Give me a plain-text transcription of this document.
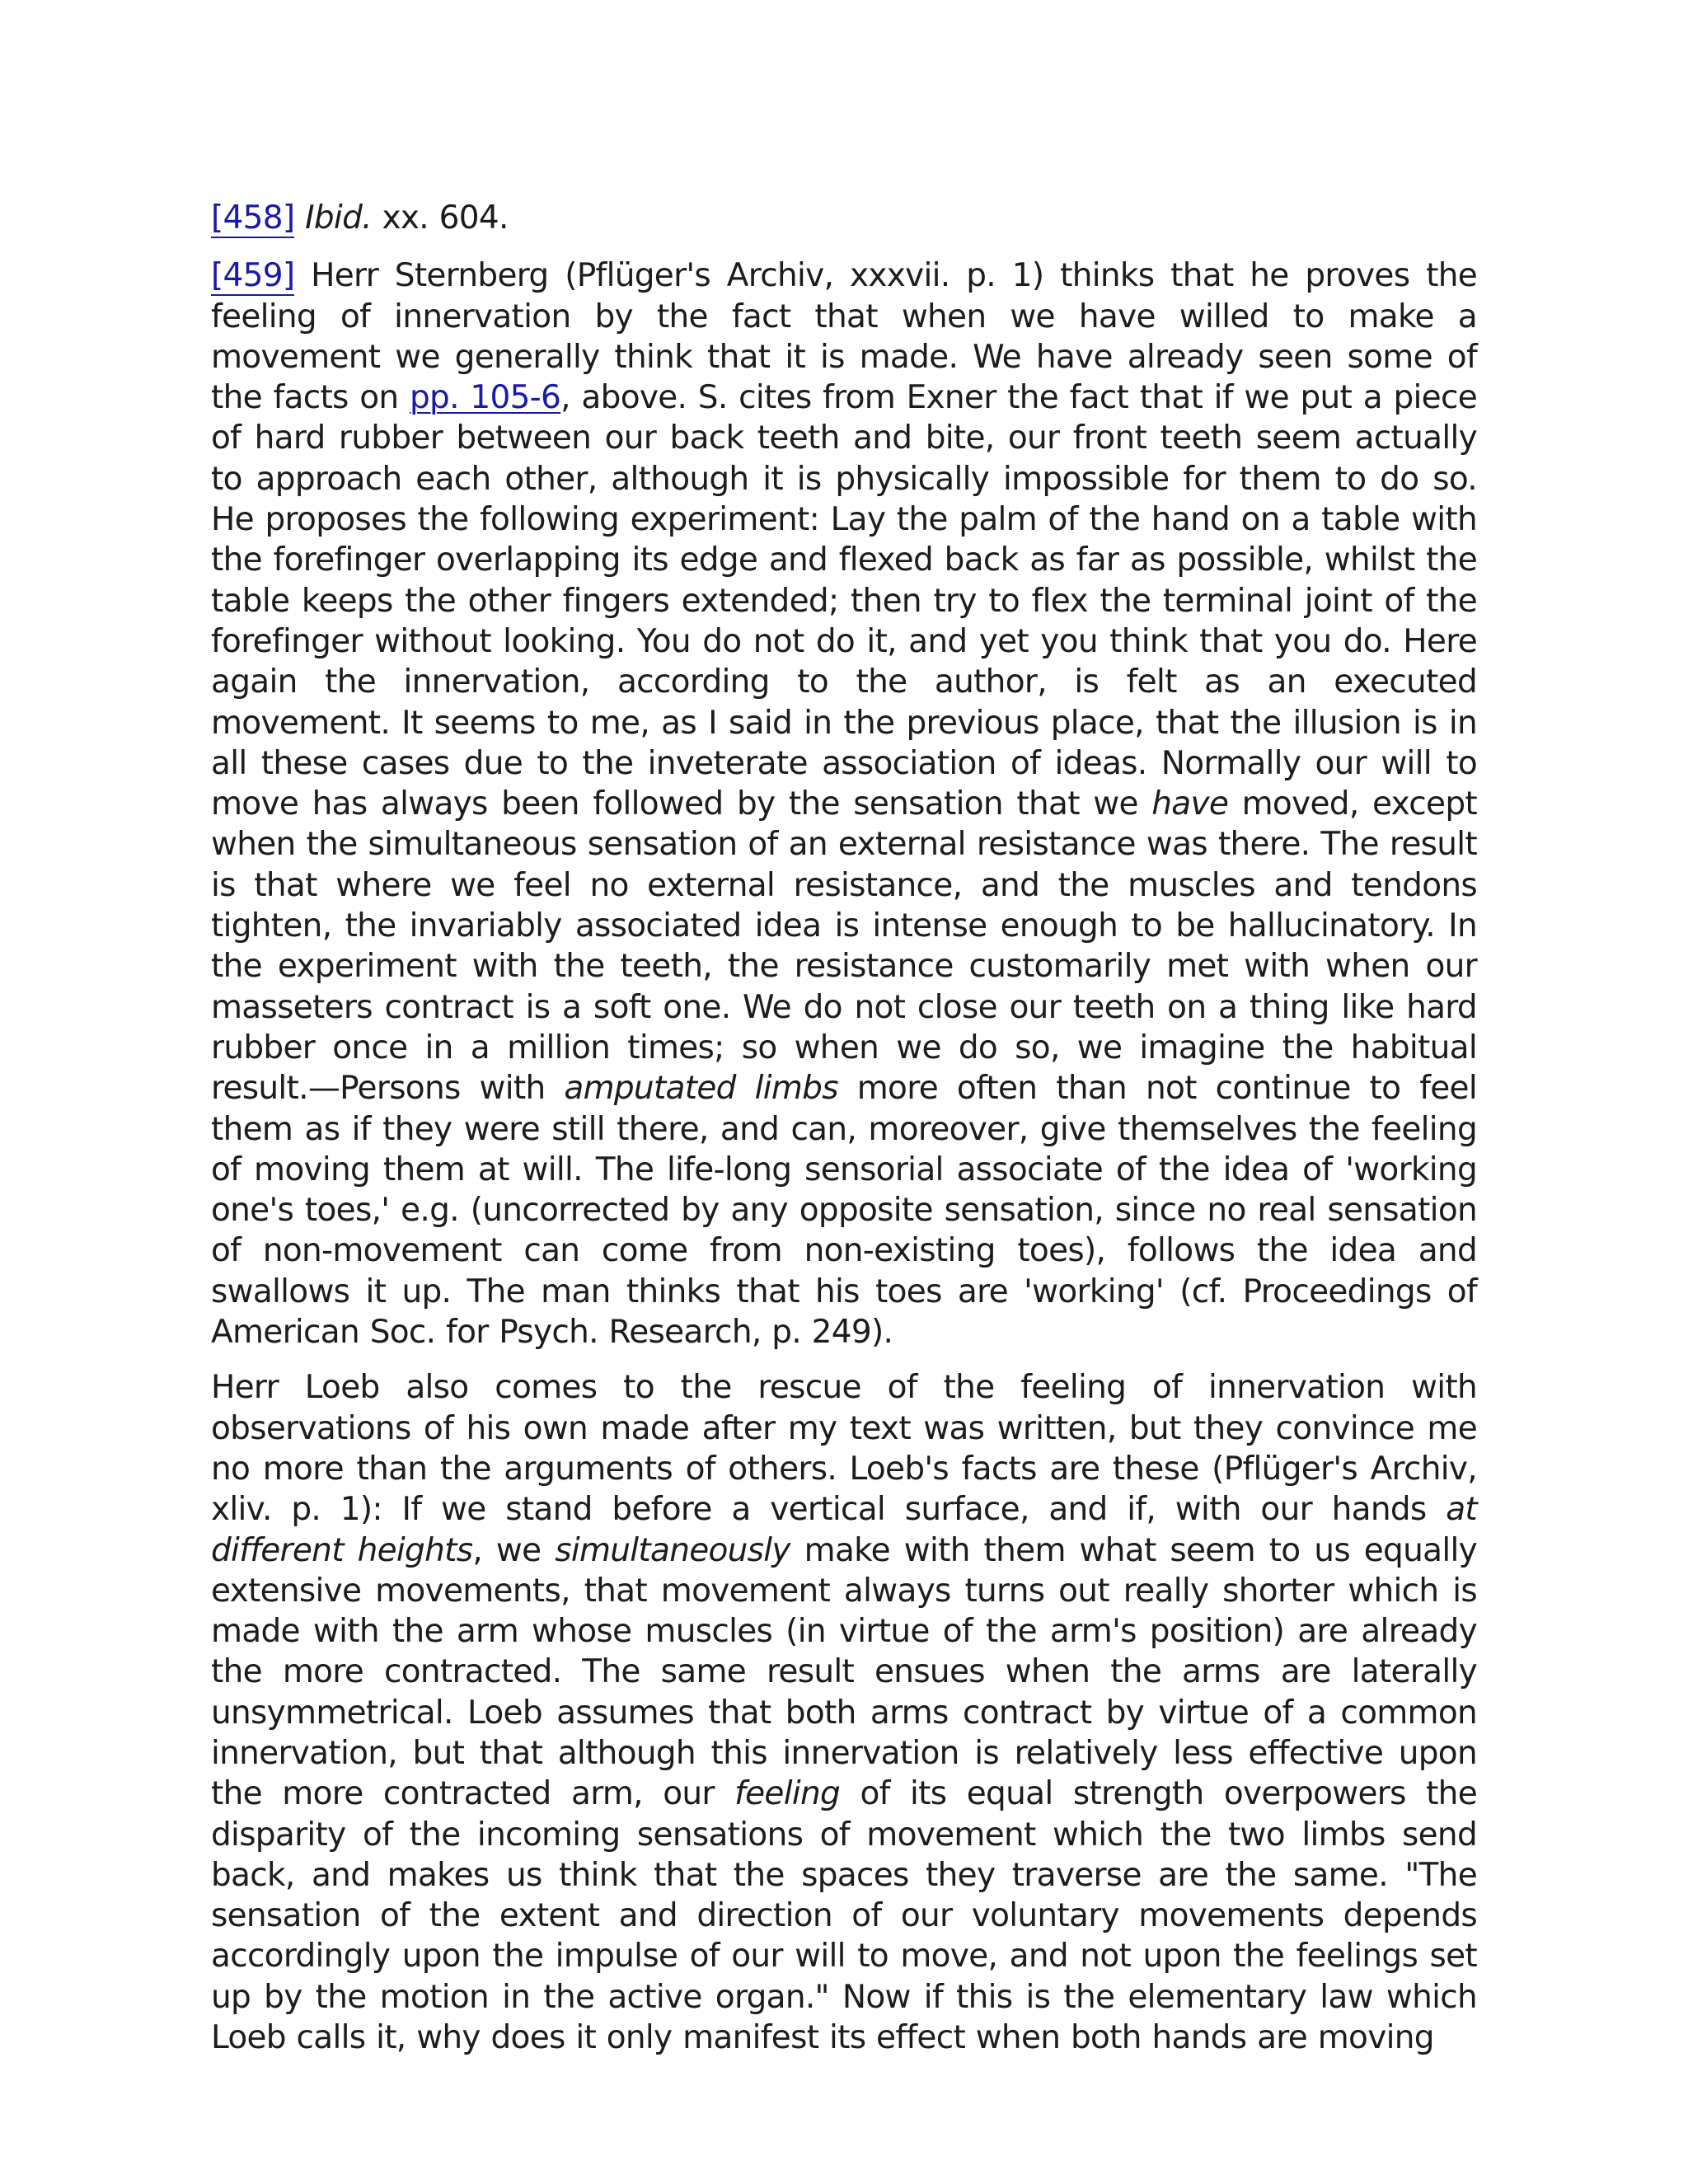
[458] Ibid. xx. 604.

[459] Herr Sternberg (Pflüger's Archiv, xxxvii. p. 1) thinks that he proves the feeling of innervation by the fact that when we have willed to make a movement we generally think that it is made. We have already seen some of the facts on pp. 105-6, above. S. cites from Exner the fact that if we put a piece of hard rubber between our back teeth and bite, our front teeth seem actually to approach each other, although it is physically impossible for them to do so. He proposes the following experiment: Lay the palm of the hand on a table with the forefinger overlapping its edge and flexed back as far as possible, whilst the table keeps the other fingers extended; then try to flex the terminal joint of the forefinger without looking. You do not do it, and yet you think that you do. Here again the innervation, according to the author, is felt as an executed movement. It seems to me, as I said in the previous place, that the illusion is in all these cases due to the inveterate association of ideas. Normally our will to move has always been followed by the sensation that we have moved, except when the simultaneous sensation of an external resistance was there. The result is that where we feel no external resistance, and the muscles and tendons tighten, the invariably associated idea is intense enough to be hallucinatory. In the experiment with the teeth, the resistance customarily met with when our masseters contract is a soft one. We do not close our teeth on a thing like hard rubber once in a million times; so when we do so, we imagine the habitual result.—Persons with amputated limbs more often than not continue to feel them as if they were still there, and can, moreover, give themselves the feeling of moving them at will. The life-long sensorial associate of the idea of 'working one's toes,' e.g. (uncorrected by any opposite sensation, since no real sensation of non-movement can come from non-existing toes), follows the idea and swallows it up. The man thinks that his toes are 'working' (cf. Proceedings of American Soc. for Psych. Research, p. 249).

Herr Loeb also comes to the rescue of the feeling of innervation with observations of his own made after my text was written, but they convince me no more than the arguments of others. Loeb's facts are these (Pflüger's Archiv, xliv. p. 1): If we stand before a vertical surface, and if, with our hands at different heights, we simultaneously make with them what seem to us equally extensive movements, that movement always turns out really shorter which is made with the arm whose muscles (in virtue of the arm's position) are already the more contracted. The same result ensues when the arms are laterally unsymmetrical. Loeb assumes that both arms contract by virtue of a common innervation, but that although this innervation is relatively less effective upon the more contracted arm, our feeling of its equal strength overpowers the disparity of the incoming sensations of movement which the two limbs send back, and makes us think that the spaces they traverse are the same. "The sensation of the extent and direction of our voluntary movements depends accordingly upon the impulse of our will to move, and not upon the feelings set up by the motion in the active organ." Now if this is the elementary law which Loeb calls it, why does it only manifest its effect when both hands are moving
